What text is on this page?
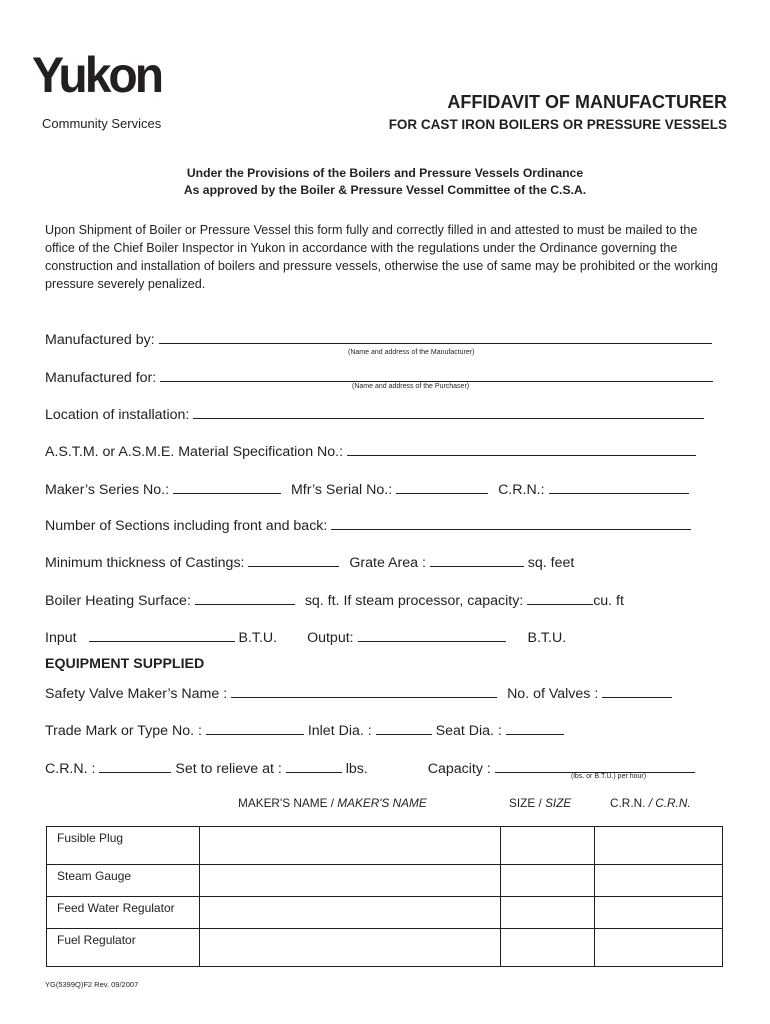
Yukon
Community Services
AFFIDAVIT OF MANUFACTURER
FOR CAST IRON BOILERS OR PRESSURE VESSELS
Under the Provisions of the Boilers and Pressure Vessels Ordinance
As approved by the Boiler & Pressure Vessel Committee of the C.S.A.
Upon Shipment of Boiler or Pressure Vessel this form fully and correctly filled in and attested to must be mailed to the office of the Chief Boiler Inspector in Yukon in accordance with the regulations under the Ordinance governing the construction and installation of boilers and pressure vessels, otherwise the use of same may be prohibited or the working pressure severely penalized.
Manufactured by:
(Name and address of the Manufacturer)
Manufactured for:
(Name and address of the Purchaser)
Location of installation:
A.S.T.M. or A.S.M.E. Material Specification No.:
Maker’s Series No.:	Mfr’s Serial No.:	C.R.N.:
Number of Sections including front and back:
Minimum thickness of Castings:	Grate Area :	sq. feet
Boiler Heating Surface:	sq. ft. If steam processor, capacity:	cu. ft
Input	B.T.U. Output:	B.T.U.
EQUIPMENT SUPPLIED
Safety Valve Maker’s Name :	No. of Valves :
Trade Mark or Type No. :	Inlet Dia. :	Seat Dia. :
C.R.N. :	Set to relieve at :	lbs.	Capacity :	(lbs. or B.T.U.) per hour)
MAKER'S NAME / MAKER'S NAME	SIZE / SIZE	C.R.N. / C.R.N.
Fusible Plug			
Steam Gauge			
Feed Water Regulator			
Fuel Regulator			
YG(5399Q)F2 Rev. 09/2007
